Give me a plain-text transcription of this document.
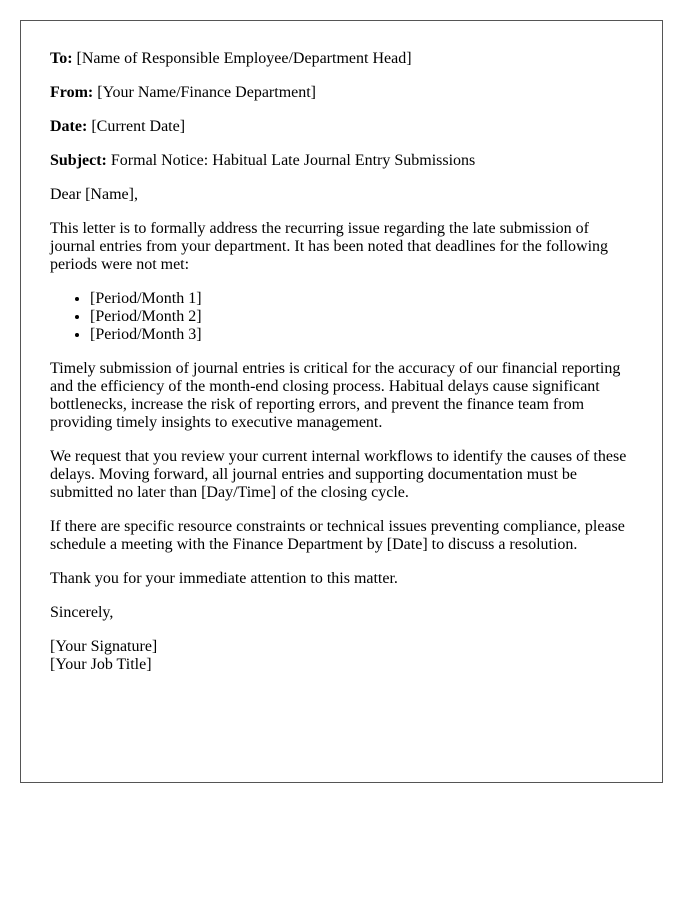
To: [Name of Responsible Employee/Department Head]

From: [Your Name/Finance Department]

Date: [Current Date]

Subject: Formal Notice: Habitual Late Journal Entry Submissions

Dear [Name],

This letter is to formally address the recurring issue regarding the late submission of journal entries from your department. It has been noted that deadlines for the following periods were not met:

• [Period/Month 1]
• [Period/Month 2]
• [Period/Month 3]

Timely submission of journal entries is critical for the accuracy of our financial reporting and the efficiency of the month-end closing process. Habitual delays cause significant bottlenecks, increase the risk of reporting errors, and prevent the finance team from providing timely insights to executive management.

We request that you review your current internal workflows to identify the causes of these delays. Moving forward, all journal entries and supporting documentation must be submitted no later than [Day/Time] of the closing cycle.

If there are specific resource constraints or technical issues preventing compliance, please schedule a meeting with the Finance Department by [Date] to discuss a resolution.

Thank you for your immediate attention to this matter.

Sincerely,

[Your Signature]
[Your Job Title]
